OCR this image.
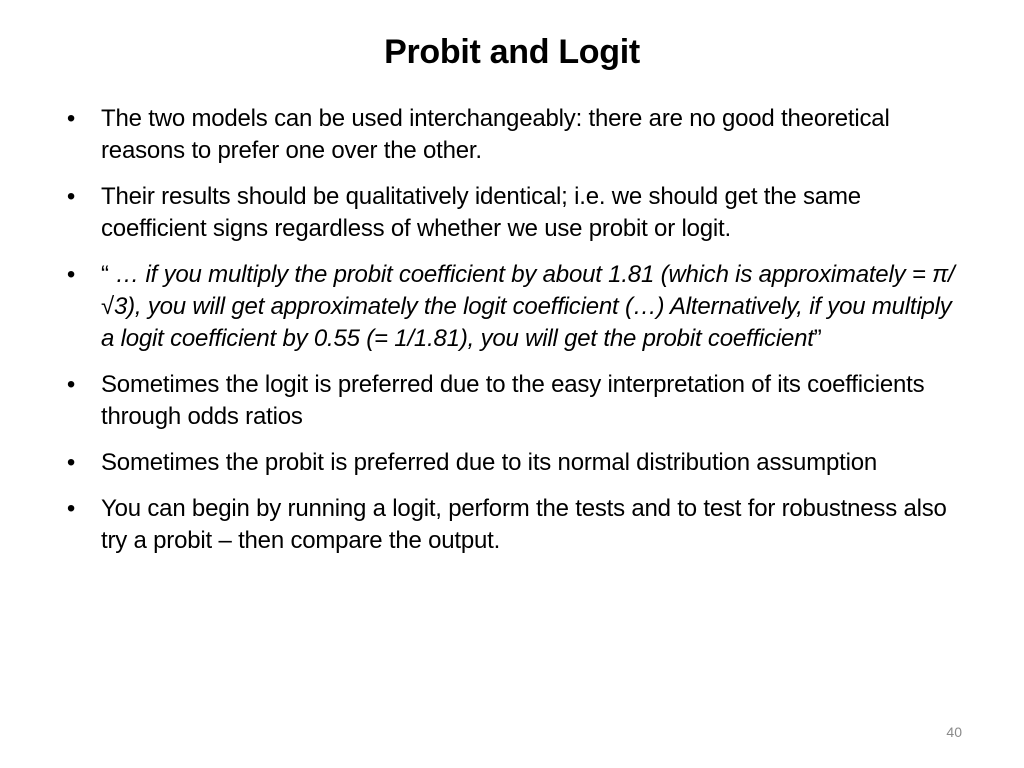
Probit and Logit
• The two models can be used interchangeably: there are no good theoretical reasons to prefer one over the other.
• Their results should be qualitatively identical; i.e. we should get the same coefficient signs regardless of whether we use probit or logit.
• “ … if you multiply the probit coefficient by about 1.81 (which is approximately = π/√3), you will get approximately the logit coefficient (…) Alternatively, if you multiply a logit coefficient by 0.55 (= 1/1.81), you will get the probit coefficient”
• Sometimes the logit is preferred due to the easy interpretation of its coefficients through odds ratios
• Sometimes the probit is preferred due to its normal distribution assumption
• You can begin by running a logit, perform the tests and to test for robustness also try a probit – then compare the output.
40
